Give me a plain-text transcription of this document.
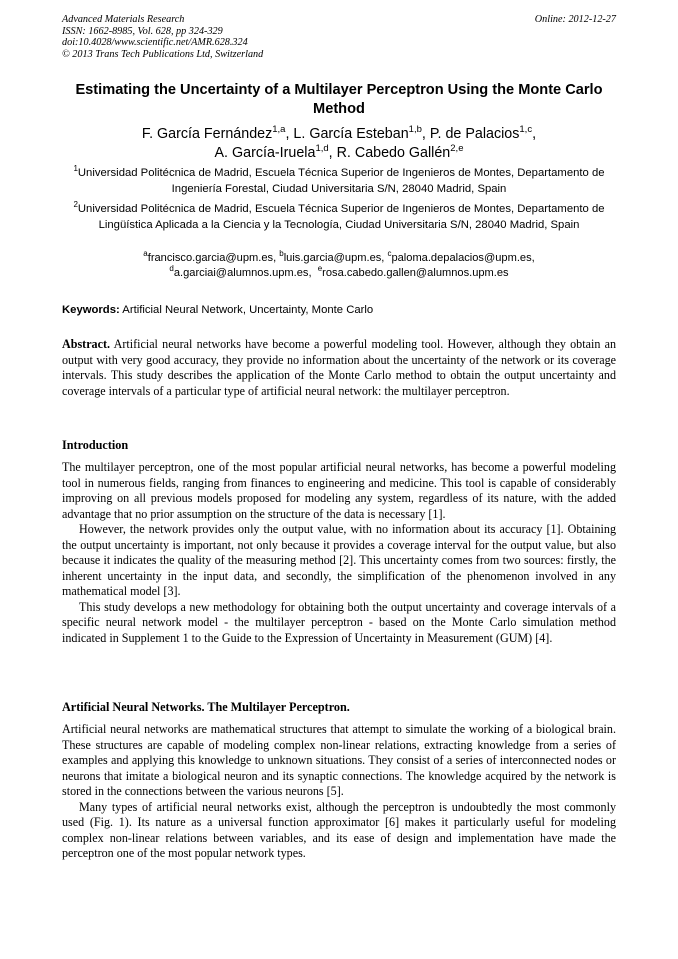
Advanced Materials Research
ISSN: 1662-8985, Vol. 628, pp 324-329
doi:10.4028/www.scientific.net/AMR.628.324
© 2013 Trans Tech Publications Ltd, Switzerland
Online: 2012-12-27
Estimating the Uncertainty of a Multilayer Perceptron Using the Monte Carlo Method
F. García Fernández$^{1,a}$, L. García Esteban$^{1,b}$, P. de Palacios$^{1,c}$,
A. García-Iruela$^{1,d}$, R. Cabedo Gallén$^{2,e}$
$^1$Universidad Politécnica de Madrid, Escuela Técnica Superior de Ingenieros de Montes, Departamento de Ingeniería Forestal, Ciudad Universitaria S/N, 28040 Madrid, Spain
$^2$Universidad Politécnica de Madrid, Escuela Técnica Superior de Ingenieros de Montes, Departamento de Lingüística Aplicada a la Ciencia y la Tecnología, Ciudad Universitaria S/N, 28040 Madrid, Spain
$^a$francisco.garcia@upm.es, $^b$luis.garcia@upm.es, $^c$paloma.depalacios@upm.es,
$^d$a.garciai@alumnos.upm.es, $^e$rosa.cabedo.gallen@alumnos.upm.es
Keywords: Artificial Neural Network, Uncertainty, Monte Carlo

Abstract. Artificial neural networks have become a powerful modeling tool. However, although they obtain an output with very good accuracy, they provide no information about the uncertainty of the network or its coverage intervals. This study describes the application of the Monte Carlo method to obtain the output uncertainty and coverage intervals of a particular type of artificial neural network: the multilayer perceptron.

Introduction

The multilayer perceptron, one of the most popular artificial neural networks, has become a powerful modeling tool in numerous fields, ranging from finances to engineering and medicine. This tool is capable of considerably improving on all previous models proposed for modeling any system, regardless of its nature, with the added advantage that no prior assumption on the structure of the data is necessary [1].

However, the network provides only the output value, with no information about its accuracy [1]. Obtaining the output uncertainty is important, not only because it provides a coverage interval for the output value, but also because it indicates the quality of the measuring method [2]. This uncertainty comes from two sources: firstly, the inherent uncertainty in the input data, and secondly, the simplification of the phenomenon involved in any mathematical model [3].

This study develops a new methodology for obtaining both the output uncertainty and coverage intervals of a specific neural network model - the multilayer perceptron - based on the Monte Carlo simulation method indicated in Supplement 1 to the Guide to the Expression of Uncertainty in Measurement (GUM) [4].

Artificial Neural Networks. The Multilayer Perceptron.

Artificial neural networks are mathematical structures that attempt to simulate the working of a biological brain. These structures are capable of modeling complex non-linear relations, extracting knowledge from a series of examples and applying this knowledge to unknown situations. They consist of a series of interconnected nodes or neurons that imitate a biological neuron and its synaptic connections. The knowledge acquired by the network is stored in the connections between the various neurons [5].

Many types of artificial neural networks exist, although the perceptron is undoubtedly the most commonly used (Fig. 1). Its nature as a universal function approximator [6] makes it particularly useful for modeling complex non-linear relations between variables, and its ease of design and implementation have made the perceptron one of the most popular network types.
